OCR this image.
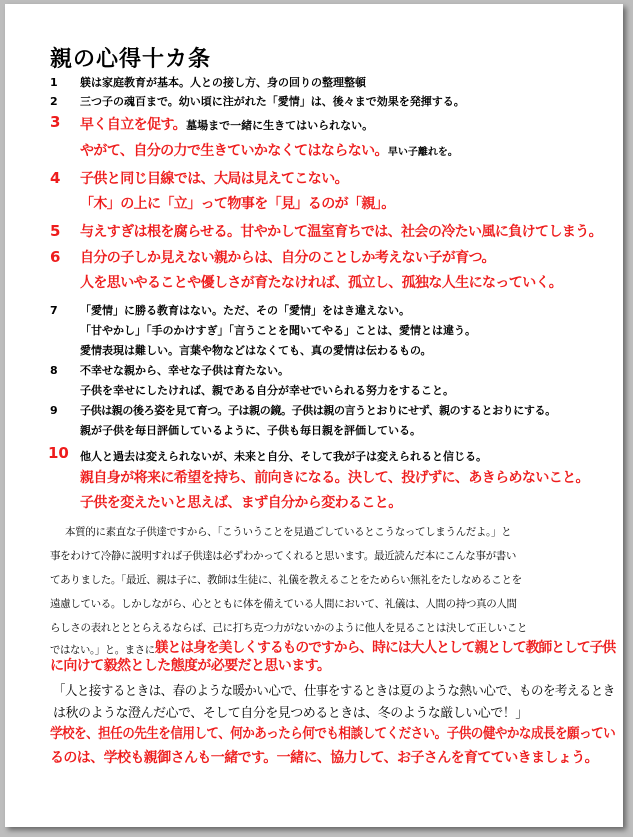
親の心得十カ条
1 躾は家庭教育が基本。人との接し方、身の回りの整理整頓
2 三つ子の魂百まで。幼い頃に注がれた「愛情」は、後々まで効果を発揮する。
3 早く自立を促す。墓場まで一緒に生きてはいられない。
やがて、自分の力で生きていかなくてはならない。早い子離れを。
4 子供と同じ目線では、大局は見えてこない。
「木」の上に「立」って物事を「見」るのが「親」。
5 与えすぎは根を腐らせる。甘やかして温室育ちでは、社会の冷たい風に負けてしまう。
6 自分の子しか見えない親からは、自分のことしか考えない子が育つ。
人を思いやることや優しさが育たなければ、孤立し、孤独な人生になっていく。
7 「愛情」に勝る教育はない。ただ、その「愛情」をはき違えない。
「甘やかし」「手のかけすぎ」「言うことを聞いてやる」ことは、愛情とは違う。
愛情表現は難しい。言葉や物などはなくても、真の愛情は伝わるもの。
8 不幸せな親から、幸せな子供は育たない。
子供を幸せにしたければ、親である自分が幸せでいられる努力をすること。
9 子供は親の後ろ姿を見て育つ。子は親の鏡。子供は親の言うとおりにせず、親のするとおりにする。
親が子供を毎日評価しているように、子供も毎日親を評価している。
10 他人と過去は変えられないが、未来と自分、そして我が子は変えられると信じる。
親自身が将来に希望を持ち、前向きになる。決して、投げずに、あきらめないこと。
子供を変えたいと思えば、まず自分から変わること。
本質的に素直な子供達ですから、「こういうことを見過ごしているとこうなってしまうんだよ。」と
事をわけて冷静に説明すれば子供達は必ずわかってくれると思います。最近読んだ本にこんな事が書い
てありました。「最近、親は子に、教師は生徒に、礼儀を教えることをためらい無礼をたしなめることを
遠慮している。しかしながら、心とともに体を備えている人間において、礼儀は、人間の持つ真の人間
らしさの表れとととらえるならば、己に打ち克つ力がないかのように他人を見ることは決して正しいこと
ではない。」と。まさに躾とは身を美しくするものですから、時には大人として親として教師として子供
に向けて毅然とした態度が必要だと思います。
「人と接するときは、春のような暖かい心で、仕事をするときは夏のような熱い心で、ものを考えるとき
は秋のような澄んだ心で、そして自分を見つめるときは、冬のような厳しい心で！」
学校を、担任の先生を信用して、何かあったら何でも相談してください。子供の健やかな成長を願ってい
るのは、学校も親御さんも一緒です。一緒に、協力して、お子さんを育てていきましょう。
